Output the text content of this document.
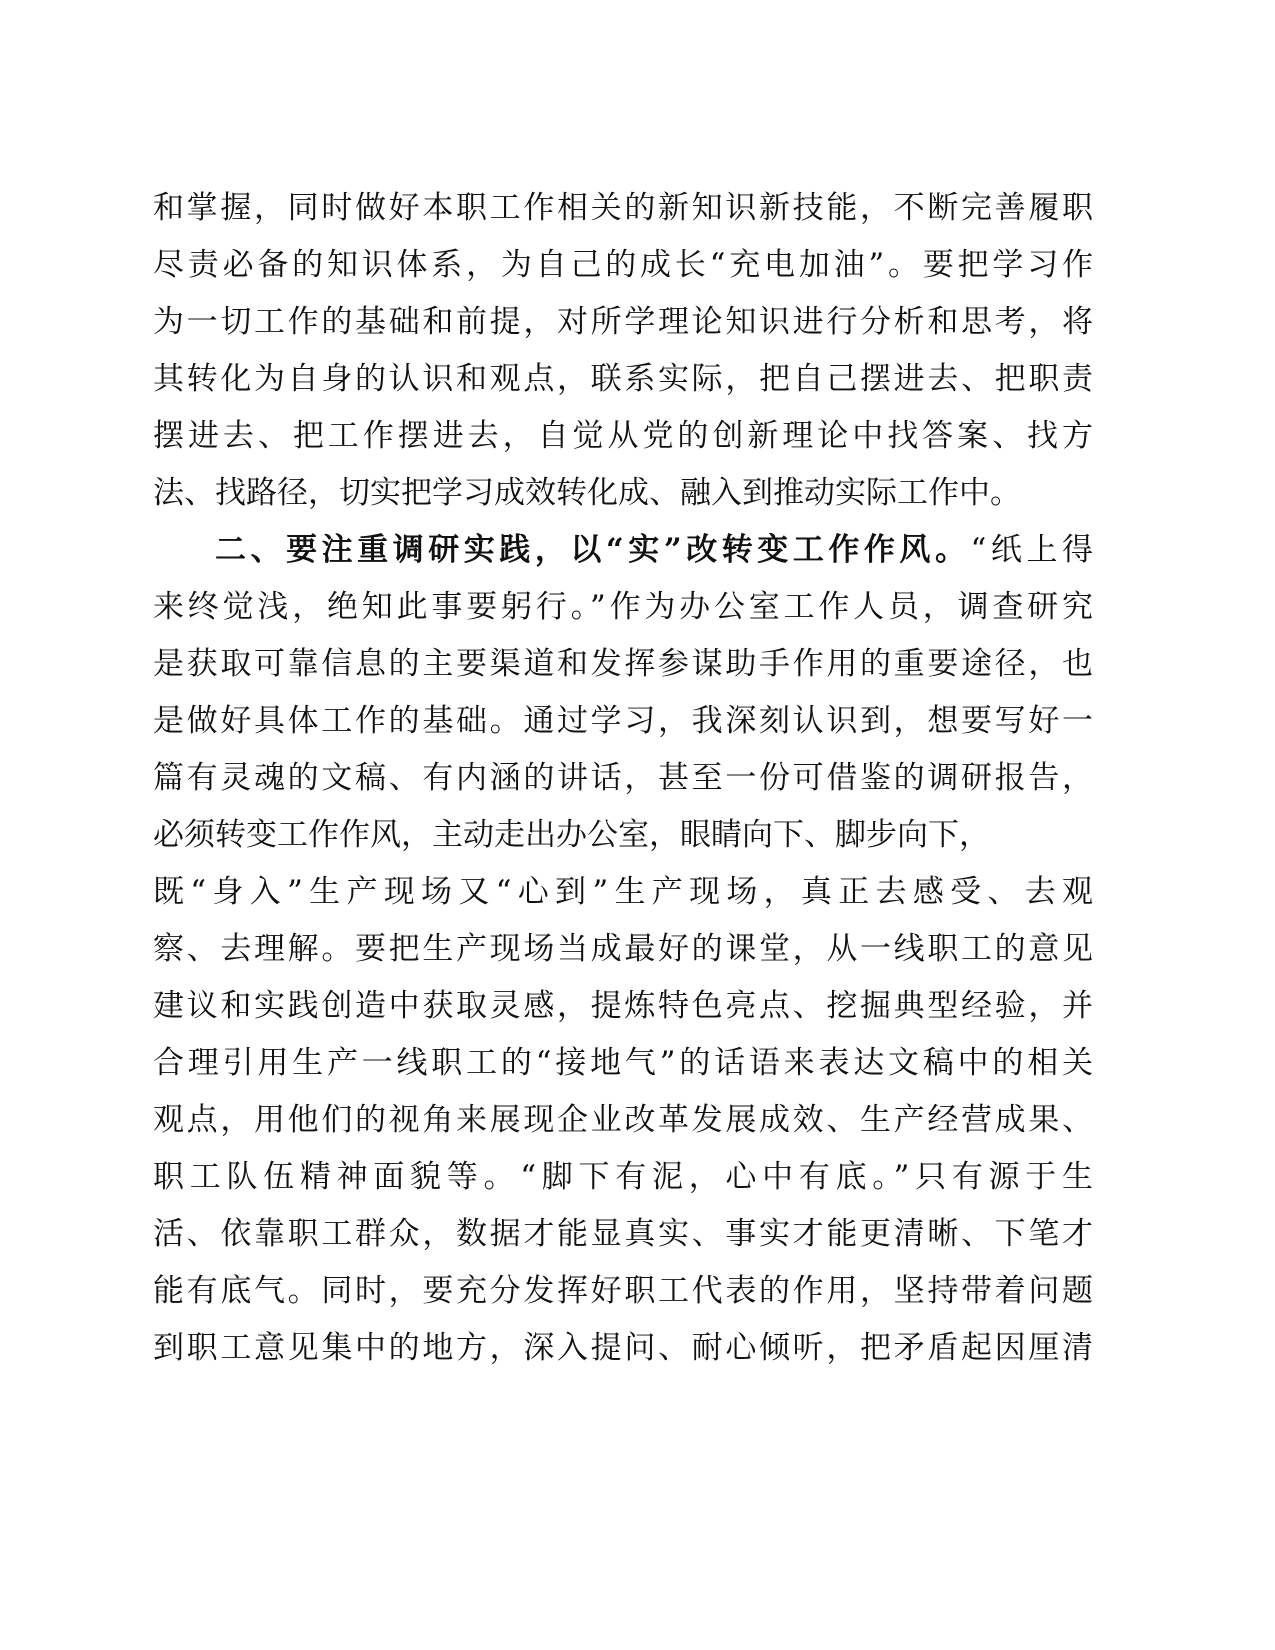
和掌握，同时做好本职工作相关的新知识新技能，不断完善履职
尽责必备的知识体系，为自己的成长“充电加油”。要把学习作
为一切工作的基础和前提，对所学理论知识进行分析和思考，将
其转化为自身的认识和观点，联系实际，把自己摆进去、把职责
摆进去、把工作摆进去，自觉从党的创新理论中找答案、找方
法、找路径，切实把学习成效转化成、融入到推动实际工作中。
二、要注重调研实践，以“实”改转变工作作风。“纸上得
来终觉浅，绝知此事要躬行。”作为办公室工作人员，调查研究
是获取可靠信息的主要渠道和发挥参谋助手作用的重要途径，也
是做好具体工作的基础。通过学习，我深刻认识到，想要写好一
篇有灵魂的文稿、有内涵的讲话，甚至一份可借鉴的调研报告，
必须转变工作作风，主动走出办公室，眼睛向下、脚步向下，
既“身入”生产现场又“心到”生产现场，真正去感受、去观
察、去理解。要把生产现场当成最好的课堂，从一线职工的意见
建议和实践创造中获取灵感，提炼特色亮点、挖掘典型经验，并
合理引用生产一线职工的“接地气”的话语来表达文稿中的相关
观点，用他们的视角来展现企业改革发展成效、生产经营成果、
职工队伍精神面貌等。“脚下有泥，心中有底。”只有源于生
活、依靠职工群众，数据才能显真实、事实才能更清晰、下笔才
能有底气。同时，要充分发挥好职工代表的作用，坚持带着问题
到职工意见集中的地方，深入提问、耐心倾听，把矛盾起因厘清
